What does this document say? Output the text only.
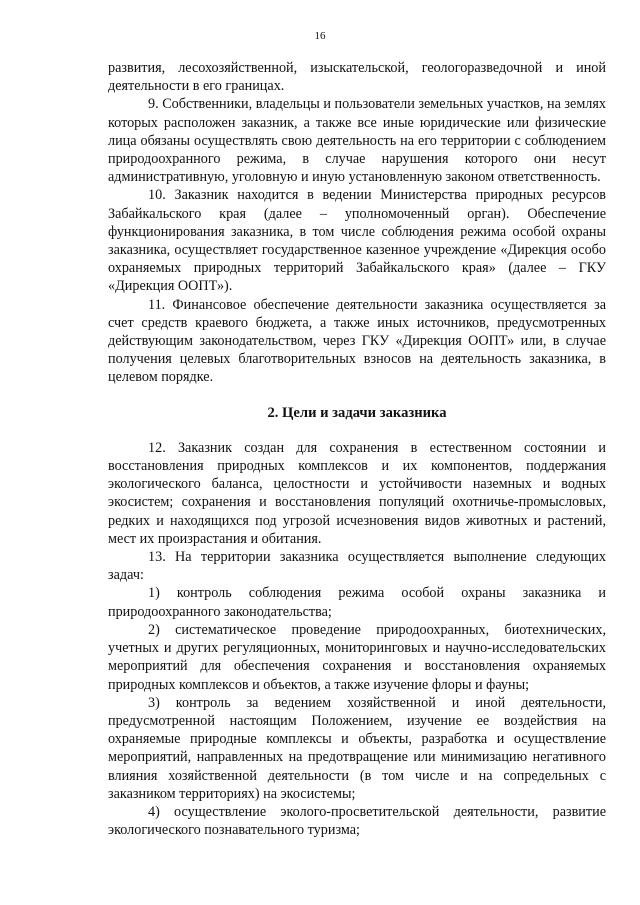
16

развития, лесохозяйственной, изыскательской, геологоразведочной и иной деятельности в его границах.

9. Собственники, владельцы и пользователи земельных участков, на землях которых расположен заказник, а также все иные юридические или физические лица обязаны осуществлять свою деятельность на его территории с соблюдением природоохранного режима, в случае нарушения которого они несут административную, уголовную и иную установленную законом ответственность.

10. Заказник находится в ведении Министерства природных ресурсов Забайкальского края (далее – уполномоченный орган). Обеспечение функционирования заказника, в том числе соблюдения режима особой охраны заказника, осуществляет государственное казенное учреждение «Дирекция особо охраняемых природных территорий Забайкальского края» (далее – ГКУ «Дирекция ООПТ»).

11. Финансовое обеспечение деятельности заказника осуществляется за счет средств краевого бюджета, а также иных источников, предусмотренных действующим законодательством, через ГКУ «Дирекция ООПТ» или, в случае получения целевых благотворительных взносов на деятельность заказника, в целевом порядке.

2. Цели и задачи заказника

12. Заказник создан для сохранения в естественном состоянии и восстановления природных комплексов и их компонентов, поддержания экологического баланса, целостности и устойчивости наземных и водных экосистем; сохранения и восстановления популяций охотничье-промысловых, редких и находящихся под угрозой исчезновения видов животных и растений, мест их произрастания и обитания.

13. На территории заказника осуществляется выполнение следующих задач:

1) контроль соблюдения режима особой охраны заказника и природоохранного законодательства;

2) систематическое проведение природоохранных, биотехнических, учетных и других регуляционных, мониторинговых и научно-исследовательских мероприятий для обеспечения сохранения и восстановления охраняемых природных комплексов и объектов, а также изучение флоры и фауны;

3) контроль за ведением хозяйственной и иной деятельности, предусмотренной настоящим Положением, изучение ее воздействия на охраняемые природные комплексы и объекты, разработка и осуществление мероприятий, направленных на предотвращение или минимизацию негативного влияния хозяйственной деятельности (в том числе и на сопредельных с заказником территориях) на экосистемы;

4) осуществление эколого-просветительской деятельности, развитие экологического познавательного туризма;
